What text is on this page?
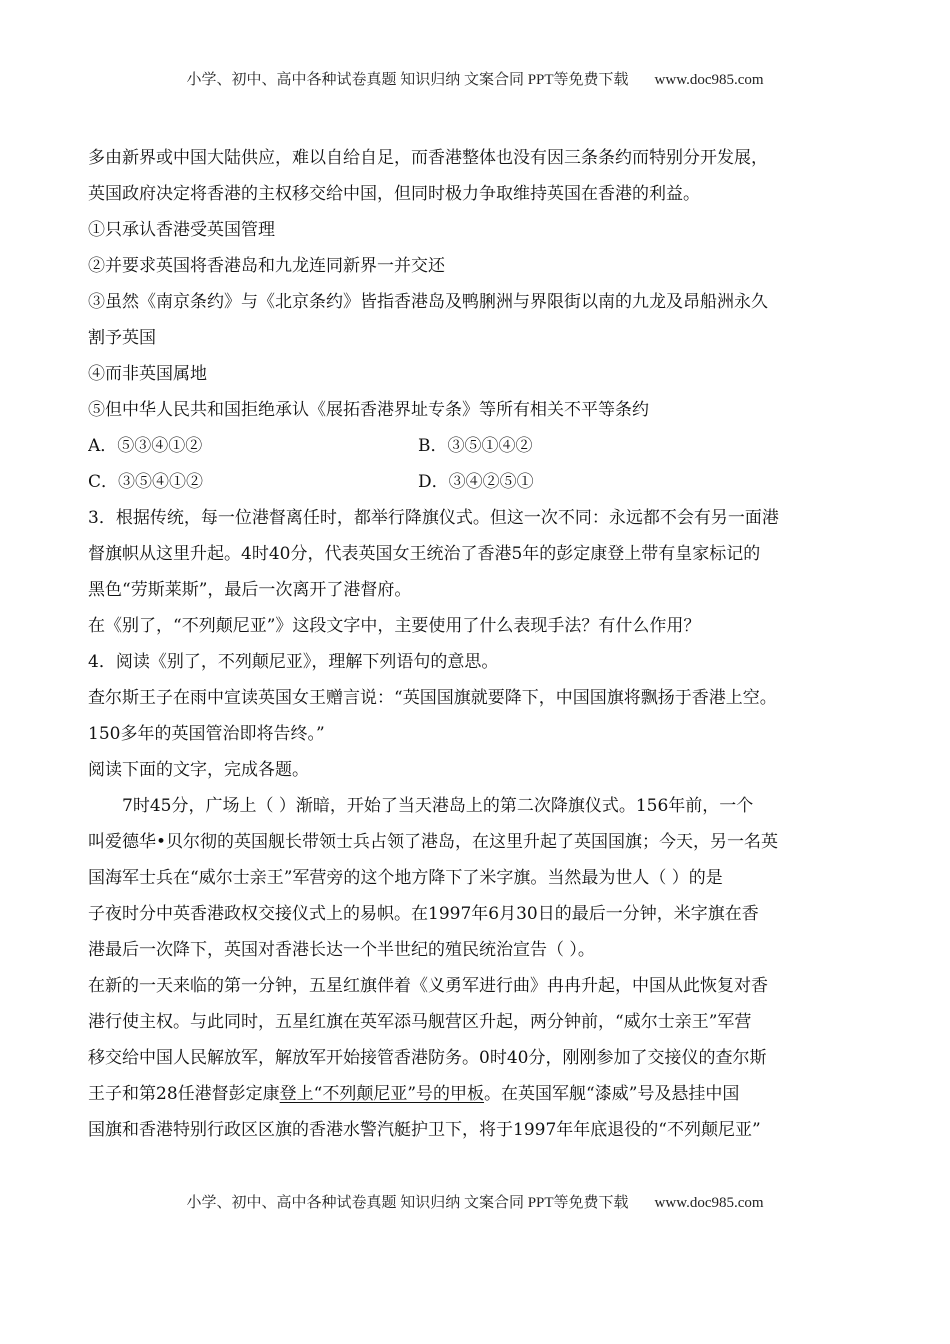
小学、初中、高中各种试卷真题 知识归纳 文案合同 PPT等免费下载 www.doc985.com
多由新界或中国大陆供应，难以自给自足，而香港整体也没有因三条条约而特别分开发展，
英国政府决定将香港的主权移交给中国，但同时极力争取维持英国在香港的利益。
①只承认香港受英国管理
②并要求英国将香港岛和九龙连同新界一并交还
③虽然《南京条约》与《北京条约》皆指香港岛及鸭脷洲与界限街以南的九龙及昂船洲永久
割予英国
④而非英国属地
⑤但中华人民共和国拒绝承认《展拓香港界址专条》等所有相关不平等条约
A．⑤③④①②	B．③⑤①④②
C．③⑤④①②	D．③④②⑤①
3．根据传统，每一位港督离任时，都举行降旗仪式。但这一次不同：永远都不会有另一面港
督旗帜从这里升起。4时40分，代表英国女王统治了香港5年的彭定康登上带有皇家标记的
黑色“劳斯莱斯”，最后一次离开了港督府。
在《别了，“不列颠尼亚”》这段文字中，主要使用了什么表现手法？有什么作用？
4．阅读《别了，不列颠尼亚》，理解下列语句的意思。
查尔斯王子在雨中宣读英国女王赠言说：“英国国旗就要降下，中国国旗将飘扬于香港上空。
150多年的英国管治即将告终。”
阅读下面的文字，完成各题。
7时45分，广场上（ ）渐暗，开始了当天港岛上的第二次降旗仪式。156年前，一个
叫爱德华•贝尔彻的英国舰长带领士兵占领了港岛，在这里升起了英国国旗；今天，另一名英
国海军士兵在“威尔士亲王”军营旁的这个地方降下了米字旗。当然最为世人（ ）的是
子夜时分中英香港政权交接仪式上的易帜。在1997年6月30日的最后一分钟，米字旗在香
港最后一次降下，英国对香港长达一个半世纪的殖民统治宣告（ ）。
在新的一天来临的第一分钟，五星红旗伴着《义勇军进行曲》冉冉升起，中国从此恢复对香
港行使主权。与此同时，五星红旗在英军添马舰营区升起，两分钟前，“威尔士亲王”军营
移交给中国人民解放军，解放军开始接管香港防务。0时40分，刚刚参加了交接仪的查尔斯
王子和第28任港督彭定康登上“不列颠尼亚”号的甲板。在英国军舰“漆威”号及悬挂中国
国旗和香港特别行政区区旗的香港水警汽艇护卫下，将于1997年年底退役的“不列颠尼亚”
小学、初中、高中各种试卷真题 知识归纳 文案合同 PPT等免费下载 www.doc985.com
